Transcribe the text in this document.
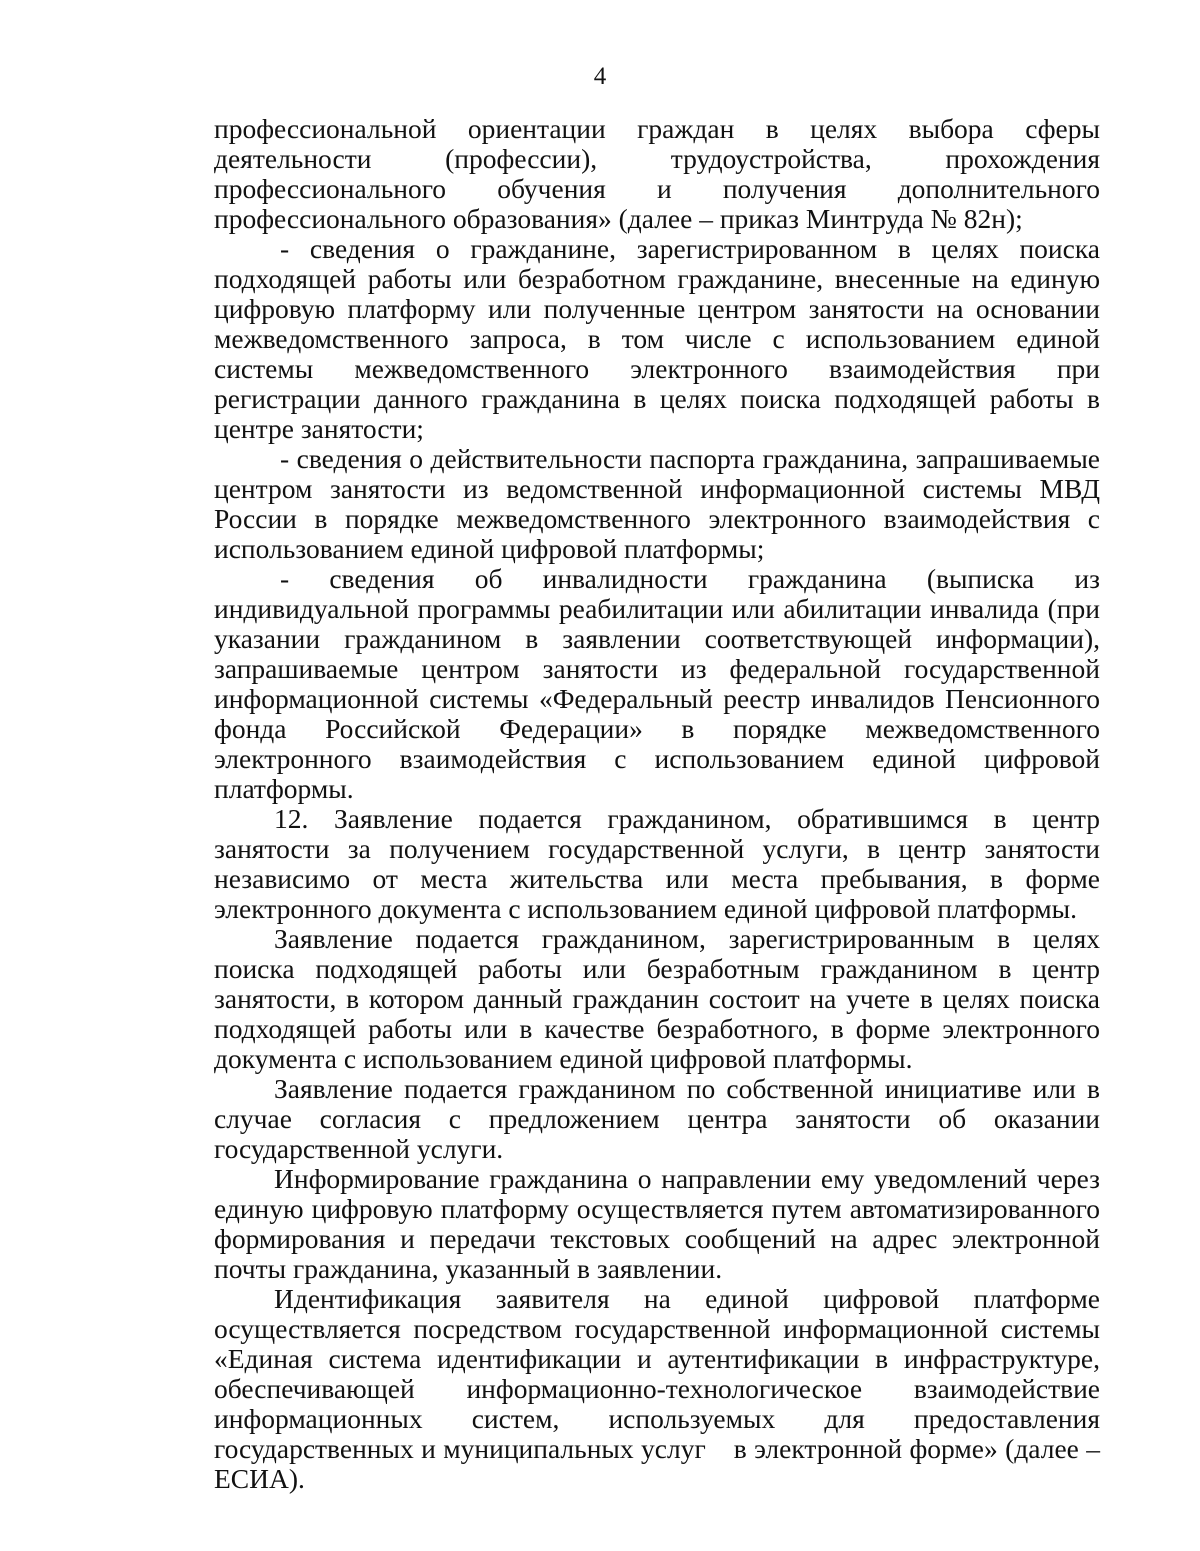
4

профессиональной ориентации граждан в целях выбора сферы деятельности (профессии), трудоустройства, прохождения профессионального обучения и получения дополнительного профессионального образования» (далее – приказ Минтруда № 82н);

- сведения о гражданине, зарегистрированном в целях поиска подходящей работы или безработном гражданине, внесенные на единую цифровую платформу или полученные центром занятости на основании межведомственного запроса, в том числе с использованием единой системы межведомственного электронного взаимодействия при регистрации данного гражданина в целях поиска подходящей работы в центре занятости;

- сведения о действительности паспорта гражданина, запрашиваемые центром занятости из ведомственной информационной системы МВД России в порядке межведомственного электронного взаимодействия с использованием единой цифровой платформы;

- сведения об инвалидности гражданина (выписка из индивидуальной программы реабилитации или абилитации инвалида (при указании гражданином в заявлении соответствующей информации), запрашиваемые центром занятости из федеральной государственной информационной системы «Федеральный реестр инвалидов Пенсионного фонда Российской Федерации» в порядке межведомственного электронного взаимодействия с использованием единой цифровой платформы.

12. Заявление подается гражданином, обратившимся в центр занятости за получением государственной услуги, в центр занятости независимо от места жительства или места пребывания, в форме электронного документа с использованием единой цифровой платформы.

Заявление подается гражданином, зарегистрированным в целях поиска подходящей работы или безработным гражданином в центр занятости, в котором данный гражданин состоит на учете в целях поиска подходящей работы или в качестве безработного, в форме электронного документа с использованием единой цифровой платформы.

Заявление подается гражданином по собственной инициативе или в случае согласия с предложением центра занятости об оказании государственной услуги.

Информирование гражданина о направлении ему уведомлений через единую цифровую платформу осуществляется путем автоматизированного формирования и передачи текстовых сообщений на адрес электронной почты гражданина, указанный в заявлении.

Идентификация заявителя на единой цифровой платформе осуществляется посредством государственной информационной системы «Единая система идентификации и аутентификации в инфраструктуре, обеспечивающей информационно-технологическое взаимодействие информационных систем, используемых для предоставления государственных и муниципальных услуг в электронной форме» (далее – ЕСИА).
